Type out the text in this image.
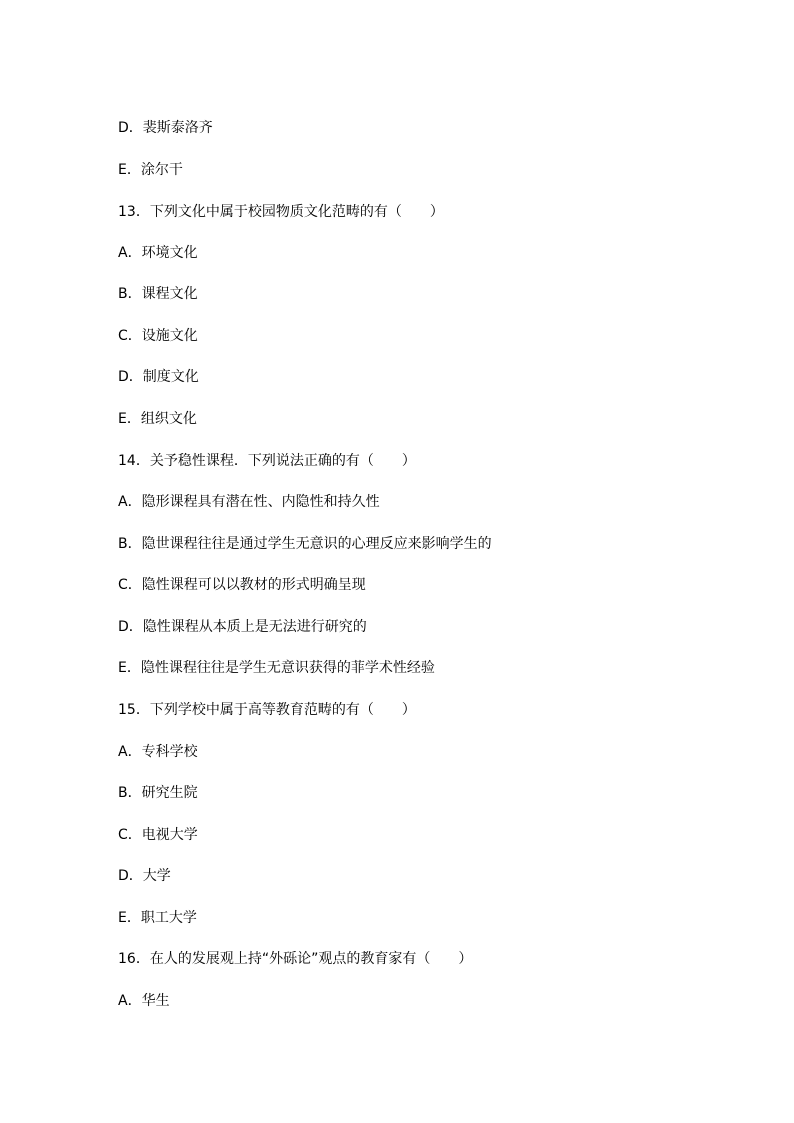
D．裴斯泰洛齐
E．涂尔干
13．下列文化中属于校园物质文化范畴的有（　　）
A．环境文化
B．课程文化
C．设施文化
D．制度文化
E．组织文化
14．关予稳性课程．下列说法正确的有（　　）
A．隐形课程具有潜在性、内隐性和持久性
B．隐世课程往往是通过学生无意识的心理反应来影响学生的
C．隐性课程可以以教材的形式明确呈现
D．隐性课程从本质上是无法进行研究的
E．隐性课程往往是学生无意识获得的菲学术性经验
15．下列学校中属于高等教育范畴的有（　　）
A．专科学校
B．研究生院
C．电视大学
D．大学
E．职工大学
16．在人的发展观上持“外砾论”观点的教育家有（　　）
A．华生
